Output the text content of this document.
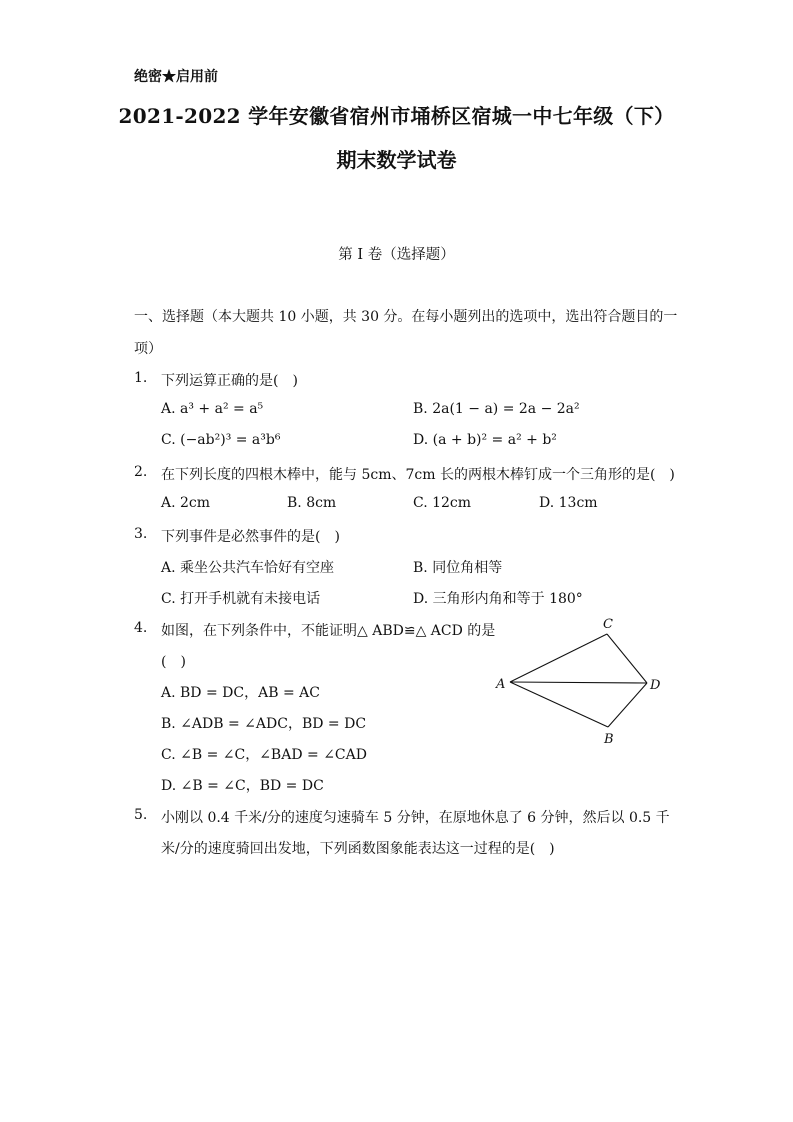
绝密★启用前
2021-2022 学年安徽省宿州市埇桥区宿城一中七年级（下）
期末数学试卷
第 I 卷（选择题）
一、选择题（本大题共 10 小题，共 30 分。在每小题列出的选项中，选出符合题目的一
项）
1. 下列运算正确的是(　)
A. a³ + a² = a⁵	B. 2a(1 − a) = 2a − 2a²
C. (−ab²)³ = a³b⁶	D. (a + b)² = a² + b²
2. 在下列长度的四根木棒中，能与 5cm、7cm 长的两根木棒钉成一个三角形的是(　)
A. 2cm	B. 8cm	C. 12cm	D. 13cm
3. 下列事件是必然事件的是(　)
A. 乘坐公共汽车恰好有空座	B. 同位角相等
C. 打开手机就有未接电话	D. 三角形内角和等于 180°
4. 如图，在下列条件中，不能证明△ ABD≌△ ACD 的是
(　)
A. BD = DC，AB = AC
B. ∠ADB = ∠ADC，BD = DC
C. ∠B = ∠C，∠BAD = ∠CAD
D. ∠B = ∠C，BD = DC
A
C
D
B
5. 小刚以 0.4 千米/分的速度匀速骑车 5 分钟，在原地休息了 6 分钟，然后以 0.5 千
米/分的速度骑回出发地，下列函数图象能表达这一过程的是(　)
